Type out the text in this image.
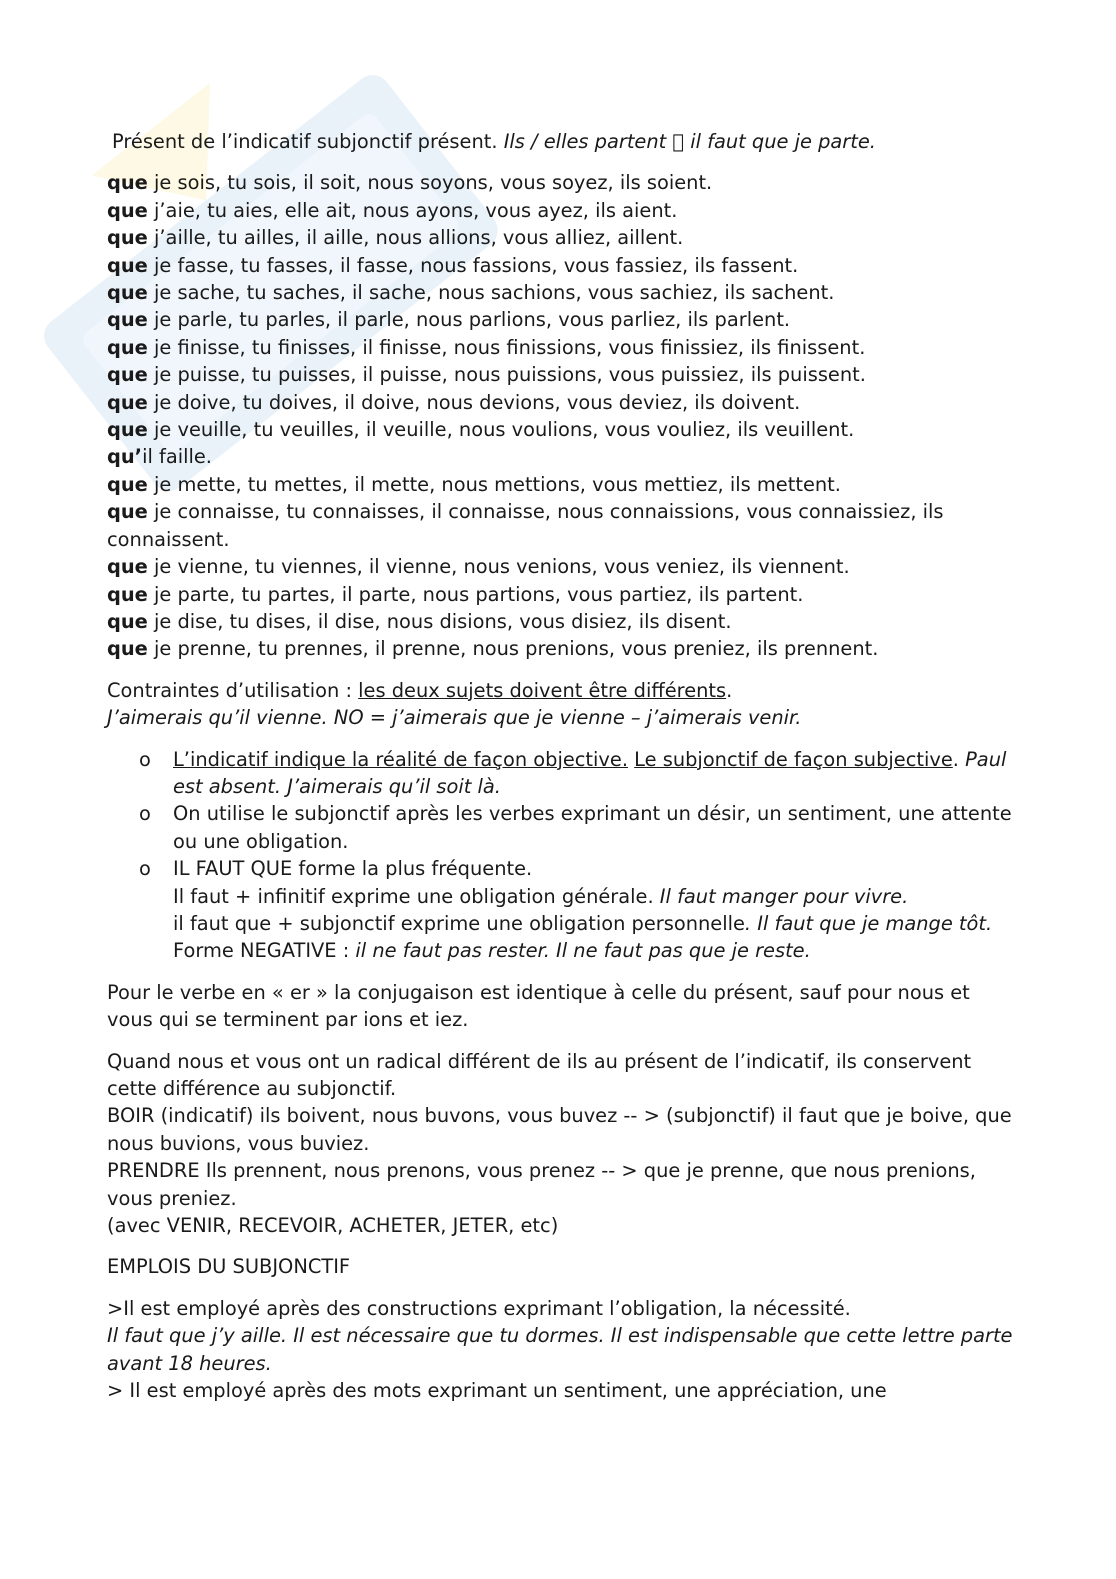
Présent de l’indicatif subjonctif présent. Ils / elles partent il faut que je parte.

que je sois, tu sois, il soit, nous soyons, vous soyez, ils soient.

que j’aie, tu aies, elle ait, nous ayons, vous ayez, ils aient.

que j’aille, tu ailles, il aille, nous allions, vous alliez, aillent.

que je fasse, tu fasses, il fasse, nous fassions, vous fassiez, ils fassent.

que je sache, tu saches, il sache, nous sachions, vous sachiez, ils sachent.

que je parle, tu parles, il parle, nous parlions, vous parliez, ils parlent.

que je finisse, tu finisses, il finisse, nous finissions, vous finissiez, ils finissent.

que je puisse, tu puisses, il puisse, nous puissions, vous puissiez, ils puissent.

que je doive, tu doives, il doive, nous devions, vous deviez, ils doivent.

que je veuille, tu veuilles, il veuille, nous voulions, vous vouliez, ils veuillent.

qu’il faille.

que je mette, tu mettes, il mette, nous mettions, vous mettiez, ils mettent.

que je connaisse, tu connaisses, il connaisse, nous connaissions, vous connaissiez, ils connaissent.

que je vienne, tu viennes, il vienne, nous venions, vous veniez, ils viennent.

que je parte, tu partes, il parte, nous partions, vous partiez, ils partent.

que je dise, tu dises, il dise, nous disions, vous disiez, ils disent.

que je prenne, tu prennes, il prenne, nous prenions, vous preniez, ils prennent.

Contraintes d’utilisation : les deux sujets doivent être différents.

J’aimerais qu’il vienne. NO = j’aimerais que je vienne – j’aimerais venir.

o L’indicatif indique la réalité de façon objective. Le subjonctif de façon subjective. Paul est absent. J’aimerais qu’il soit là.
o On utilise le subjonctif après les verbes exprimant un désir, un sentiment, une attente ou une obligation.
o IL FAUT QUE forme la plus fréquente.

Il faut + infinitif exprime une obligation générale. Il faut manger pour vivre.

il faut que + subjonctif exprime une obligation personnelle. Il faut que je mange tôt.

Forme NEGATIVE : il ne faut pas rester. Il ne faut pas que je reste.

Pour le verbe en « er » la conjugaison est identique à celle du présent, sauf pour nous et vous qui se terminent par ions et iez.

Quand nous et vous ont un radical différent de ils au présent de l’indicatif, ils conservent cette différence au subjonctif.

BOIR (indicatif) ils boivent, nous buvons, vous buvez -- > (subjonctif) il faut que je boive, que nous buvions, vous buviez.

PRENDRE Ils prennent, nous prenons, vous prenez -- > que je prenne, que nous prenions, vous preniez.

(avec VENIR, RECEVOIR, ACHETER, JETER, etc)

EMPLOIS DU SUBJONCTIF

>Il est employé après des constructions exprimant l’obligation, la nécessité.

Il faut que j’y aille. Il est nécessaire que tu dormes. Il est indispensable que cette lettre parte avant 18 heures.

> Il est employé après des mots exprimant un sentiment, une appréciation, une
